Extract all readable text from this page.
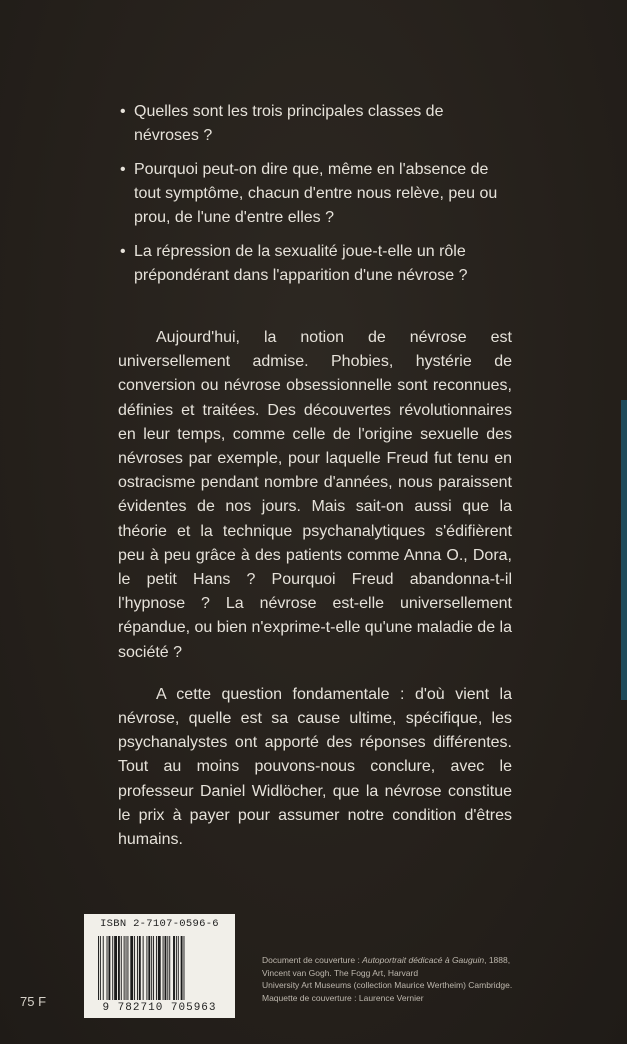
• Quelles sont les trois principales classes de névroses ?
• Pourquoi peut-on dire que, même en l'absence de tout symptôme, chacun d'entre nous relève, peu ou prou, de l'une d'entre elles ?
• La répression de la sexualité joue-t-elle un rôle prépondérant dans l'apparition d'une névrose ?

Aujourd'hui, la notion de névrose est universellement admise. Phobies, hystérie de conversion ou névrose obsessionnelle sont reconnues, définies et traitées. Des découvertes révolutionnaires en leur temps, comme celle de l'origine sexuelle des névroses par exemple, pour laquelle Freud fut tenu en ostracisme pendant nombre d'années, nous paraissent évidentes de nos jours. Mais sait-on aussi que la théorie et la technique psychanalytiques s'édifièrent peu à peu grâce à des patients comme Anna O., Dora, le petit Hans ? Pourquoi Freud abandonna-t-il l'hypnose ? La névrose est-elle universellement répandue, ou bien n'exprime-t-elle qu'une maladie de la société ?

A cette question fondamentale : d'où vient la névrose, quelle est sa cause ultime, spécifique, les psychanalystes ont apporté des réponses différentes. Tout au moins pouvons-nous conclure, avec le professeur Daniel Widlöcher, que la névrose constitue le prix à payer pour assumer notre condition d'êtres humains.

ISBN 2-7107-0596-6
9 782710 705963
75 F
Document de couverture : Autoportrait dédicacé à Gauguin, 1888,
Vincent van Gogh. The Fogg Art, Harvard
University Art Museums (collection Maurice Wertheim) Cambridge.
Maquette de couverture : Laurence Vernier
